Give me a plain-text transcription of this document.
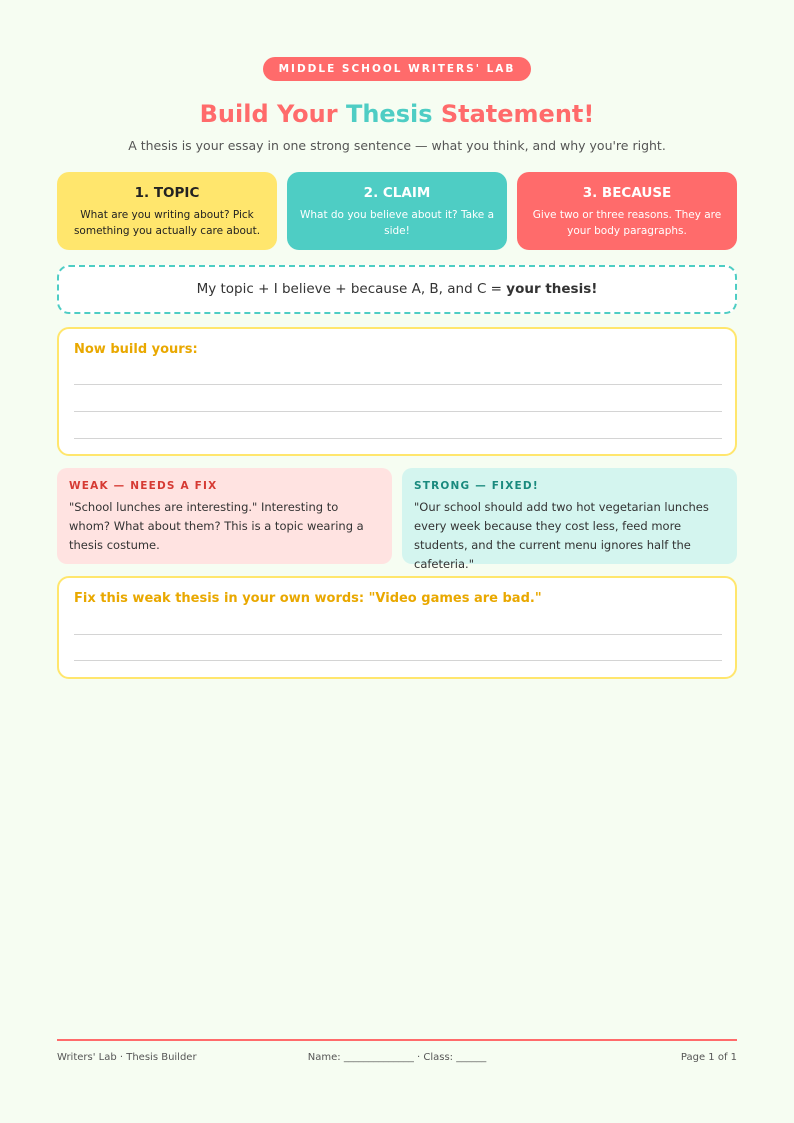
MIDDLE SCHOOL WRITERS' LAB
Build Your Thesis Statement!
A thesis is your essay in one strong sentence — what you think, and why you're right.
1. TOPIC
What are you writing about? Pick something you actually care about.
2. CLAIM
What do you believe about it? Take a side!
3. BECAUSE
Give two or three reasons. They are your body paragraphs.
My topic + I believe + because A, B, and C = your thesis!
Now build yours:
WEAK — NEEDS A FIX
"School lunches are interesting." Interesting to whom? What about them? This is a topic wearing a thesis costume.
STRONG — FIXED!
"Our school should add two hot vegetarian lunches every week because they cost less, feed more students, and the current menu ignores half the cafeteria."
Fix this weak thesis in your own words: "Video games are bad."
Writers' Lab · Thesis Builder	Name: ______________ · Class: ______	Page 1 of 1
